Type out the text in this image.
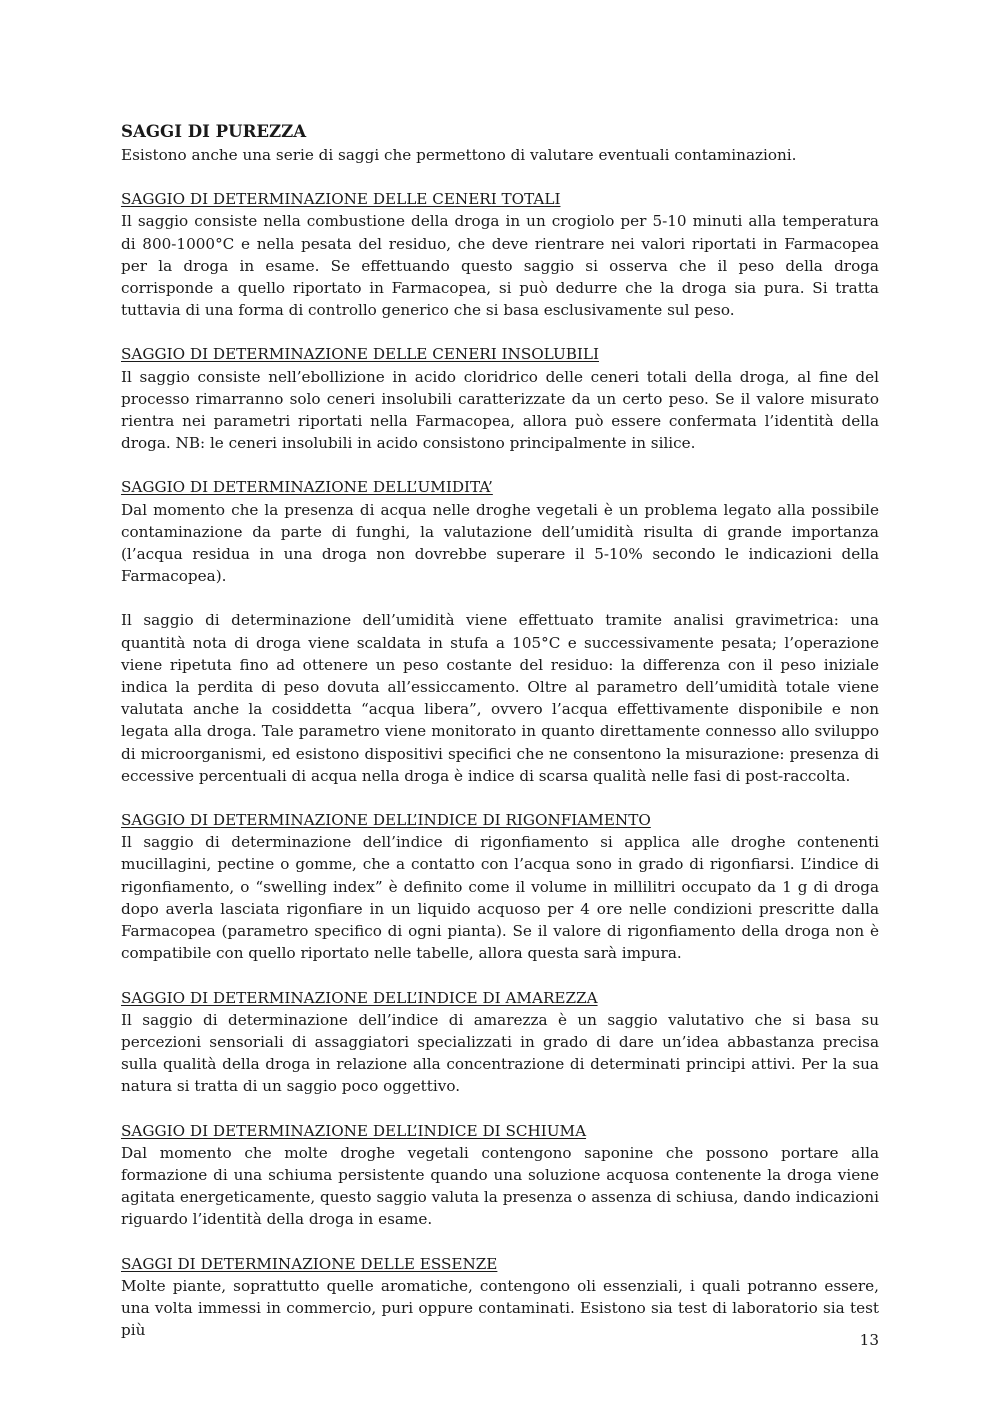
SAGGI DI PUREZZA

Esistono anche una serie di saggi che permettono di valutare eventuali contaminazioni.

SAGGIO DI DETERMINAZIONE DELLE CENERI TOTALI

Il saggio consiste nella combustione della droga in un crogiolo per 5-10 minuti alla temperatura di 800-1000°C e nella pesata del residuo, che deve rientrare nei valori riportati in Farmacopea per la droga in esame. Se effettuando questo saggio si osserva che il peso della droga corrisponde a quello riportato in Farmacopea, si può dedurre che la droga sia pura. Si tratta tuttavia di una forma di controllo generico che si basa esclusivamente sul peso.

SAGGIO DI DETERMINAZIONE DELLE CENERI INSOLUBILI

Il saggio consiste nell’ebollizione in acido cloridrico delle ceneri totali della droga, al fine del processo rimarranno solo ceneri insolubili caratterizzate da un certo peso. Se il valore misurato rientra nei parametri riportati nella Farmacopea, allora può essere confermata l’identità della droga. NB: le ceneri insolubili in acido consistono principalmente in silice.

SAGGIO DI DETERMINAZIONE DELL’UMIDITA’

Dal momento che la presenza di acqua nelle droghe vegetali è un problema legato alla possibile contaminazione da parte di funghi, la valutazione dell’umidità risulta di grande importanza (l’acqua residua in una droga non dovrebbe superare il 5-10% secondo le indicazioni della Farmacopea).

Il saggio di determinazione dell’umidità viene effettuato tramite analisi gravimetrica: una quantità nota di droga viene scaldata in stufa a 105°C e successivamente pesata; l’operazione viene ripetuta fino ad ottenere un peso costante del residuo: la differenza con il peso iniziale indica la perdita di peso dovuta all’essiccamento. Oltre al parametro dell’umidità totale viene valutata anche la cosiddetta “acqua libera”, ovvero l’acqua effettivamente disponibile e non legata alla droga. Tale parametro viene monitorato in quanto direttamente connesso allo sviluppo di microorganismi, ed esistono dispositivi specifici che ne consentono la misurazione: presenza di eccessive percentuali di acqua nella droga è indice di scarsa qualità nelle fasi di post-raccolta.

SAGGIO DI DETERMINAZIONE DELL’INDICE DI RIGONFIAMENTO

Il saggio di determinazione dell’indice di rigonfiamento si applica alle droghe contenenti mucillagini, pectine o gomme, che a contatto con l’acqua sono in grado di rigonfiarsi. L’indice di rigonfiamento, o “swelling index” è definito come il volume in millilitri occupato da 1 g di droga dopo averla lasciata rigonfiare in un liquido acquoso per 4 ore nelle condizioni prescritte dalla Farmacopea (parametro specifico di ogni pianta). Se il valore di rigonfiamento della droga non è compatibile con quello riportato nelle tabelle, allora questa sarà impura.

SAGGIO DI DETERMINAZIONE DELL’INDICE DI AMAREZZA

Il saggio di determinazione dell’indice di amarezza è un saggio valutativo che si basa su percezioni sensoriali di assaggiatori specializzati in grado di dare un’idea abbastanza precisa sulla qualità della droga in relazione alla concentrazione di determinati principi attivi. Per la sua natura si tratta di un saggio poco oggettivo.

SAGGIO DI DETERMINAZIONE DELL’INDICE DI SCHIUMA

Dal momento che molte droghe vegetali contengono saponine che possono portare alla formazione di una schiuma persistente quando una soluzione acquosa contenente la droga viene agitata energeticamente, questo saggio valuta la presenza o assenza di schiusa, dando indicazioni riguardo l’identità della droga in esame.

SAGGI DI DETERMINAZIONE DELLE ESSENZE

Molte piante, soprattutto quelle aromatiche, contengono oli essenziali, i quali potranno essere, una volta immessi in commercio, puri oppure contaminati. Esistono sia test di laboratorio sia test più

13
